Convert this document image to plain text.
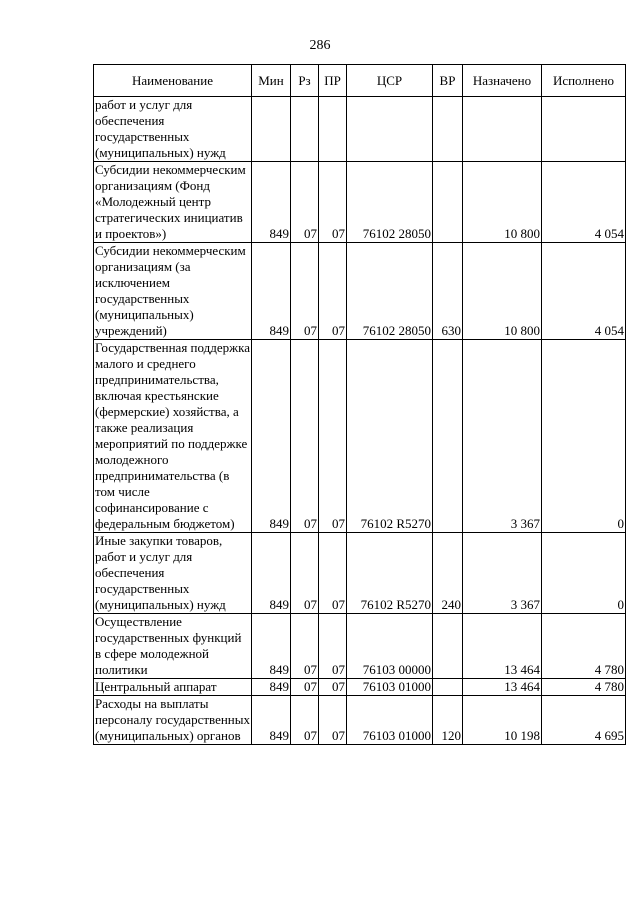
286
Наименование	Мин	Рз	ПР	ЦСР	ВР	Назначено	Исполнено
работ и услуг для обеспечения государственных (муниципальных) нужд							
Субсидии некоммерческим организациям (Фонд «Молодежный центр стратегических инициатив и проектов»)	849	07	07	76102 28050		10 800	4 054
Субсидии некоммерческим организациям (за исключением государственных (муниципальных) учреждений)	849	07	07	76102 28050	630	10 800	4 054
Государственная поддержка малого и среднего предпринимательства, включая крестьянские (фермерские) хозяйства, а также реализация мероприятий по поддержке молодежного предпринимательства (в том числе софинансирование с федеральным бюджетом)	849	07	07	76102 R5270		3 367	0
Иные закупки товаров, работ и услуг для обеспечения государственных (муниципальных) нужд	849	07	07	76102 R5270	240	3 367	0
Осуществление государственных функций в сфере молодежной политики	849	07	07	76103 00000		13 464	4 780
Центральный аппарат	849	07	07	76103 01000		13 464	4 780
Расходы на выплаты персоналу государственных (муниципальных) органов	849	07	07	76103 01000	120	10 198	4 695
